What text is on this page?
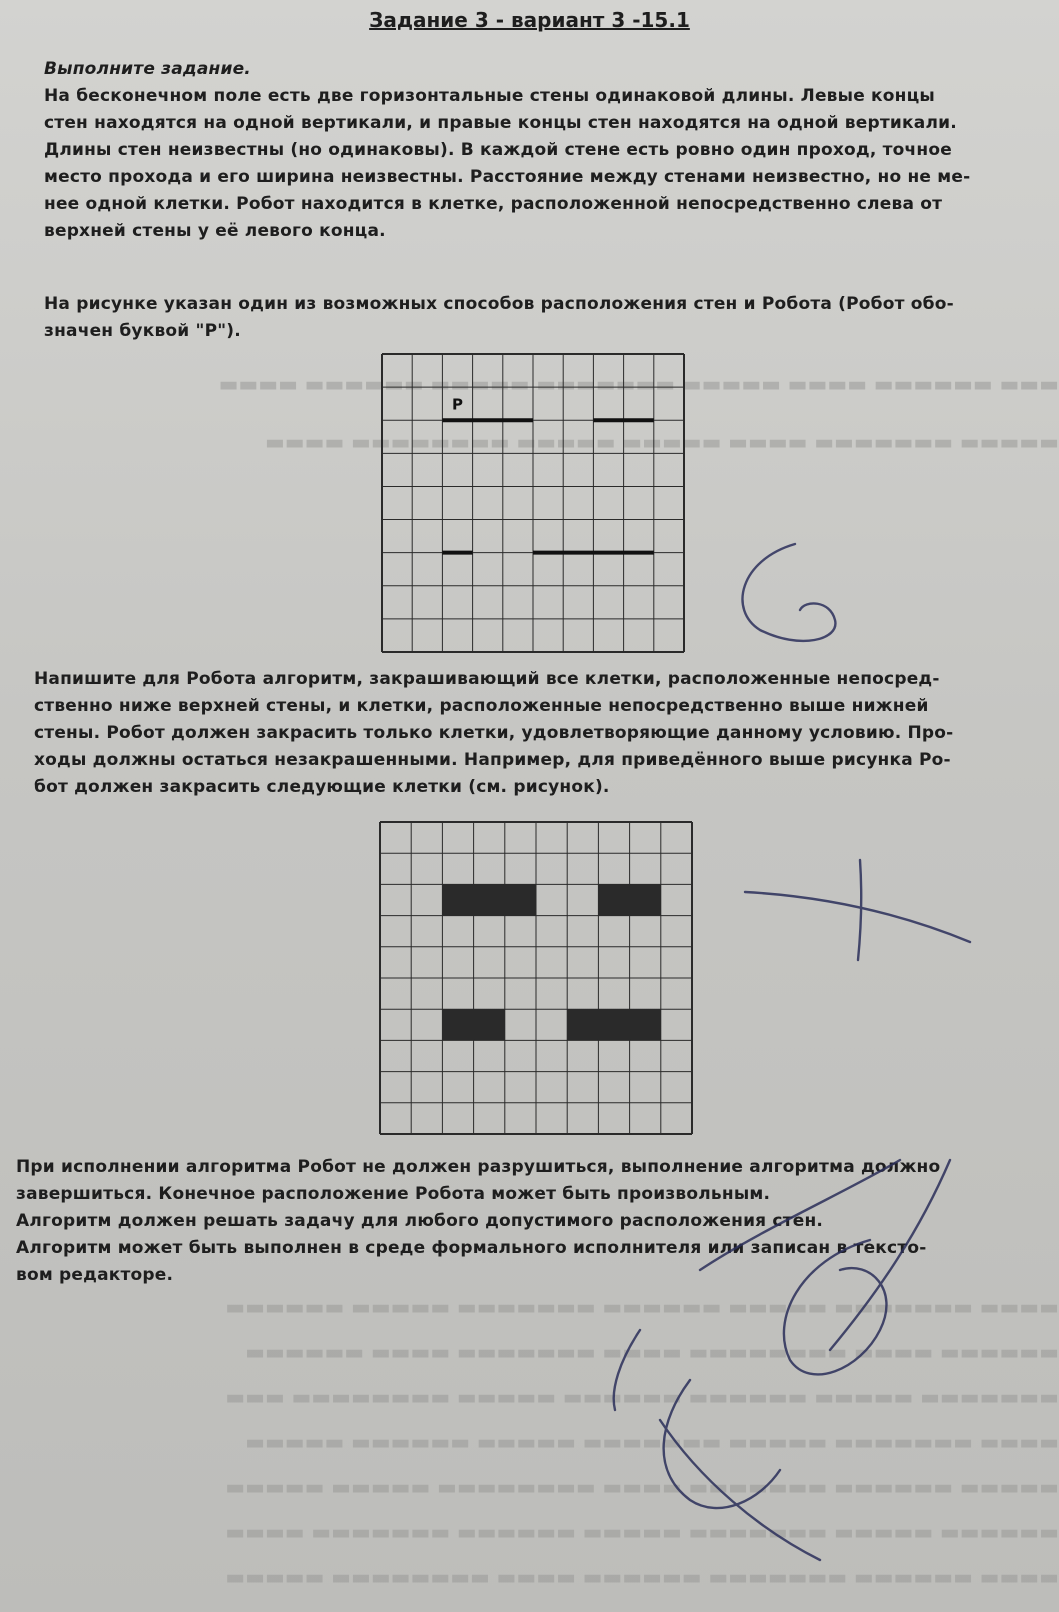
▬▬▬ ▬▬▬▬▬▬ ▬▬▬▬ ▬▬▬▬▬ ▬▬▬▬▬▬▬ ▬▬▬▬▬ ▬▬▬▬▬▬ ▬▬▬▬
▬▬▬▬▬ ▬▬▬▬▬▬▬ ▬▬▬▬ ▬▬▬▬▬ ▬▬▬▬▬ ▬▬▬▬▬▬▬▬ ▬▬▬▬
▬▬▬▬ ▬▬▬▬▬▬▬ ▬▬▬▬▬ ▬▬▬▬▬▬ ▬▬▬▬▬▬▬ ▬▬▬▬▬ ▬▬▬▬▬▬
▬▬▬▬▬▬ ▬▬▬▬ ▬▬▬▬▬▬▬▬ ▬▬▬▬ ▬▬▬▬▬▬▬ ▬▬▬▬ ▬▬▬▬▬▬
▬▬▬▬▬▬▬ ▬▬▬▬▬ ▬▬▬▬▬▬ ▬▬▬▬▬▬ ▬▬▬▬▬ ▬▬▬▬▬▬▬▬ ▬▬▬
▬▬▬▬ ▬▬▬▬▬▬▬ ▬▬▬▬▬ ▬▬▬▬▬▬▬ ▬▬▬▬▬ ▬▬▬▬▬▬ ▬▬▬▬▬
▬▬▬▬▬ ▬▬▬▬▬▬ ▬▬▬▬▬▬▬ ▬▬▬▬ ▬▬▬▬▬▬▬▬ ▬▬▬▬▬ ▬▬▬▬▬
▬▬▬▬▬▬ ▬▬▬▬▬ ▬▬▬▬▬▬▬ ▬▬▬▬▬ ▬▬▬▬▬▬ ▬▬▬▬▬▬▬ ▬▬▬▬
▬▬▬▬ ▬▬▬▬▬▬ ▬▬▬▬▬▬▬ ▬▬▬▬▬▬ ▬▬▬▬ ▬▬▬▬▬▬▬▬ ▬▬▬▬▬
Задание 3 - вариант 3 -15.1
Выполните задание.
На бесконечном поле есть две горизонтальные стены одинаковой длины. Левые концы
стен находятся на одной вертикали, и правые концы стен находятся на одной вертикали.
Длины стен неизвестны (но одинаковы). В каждой стене есть ровно один проход, точное
место прохода и его ширина неизвестны. Расстояние между стенами неизвестно, но не ме-
нее одной клетки. Робот находится в клетке, расположенной непосредственно слева от
верхней стены у её левого конца.
На рисунке указан один из возможных способов расположения стен и Робота (Робот обо-
значен буквой "Р").
Р
Напишите для Робота алгоритм, закрашивающий все клетки, расположенные непосред-
ственно ниже верхней стены, и клетки, расположенные непосредственно выше нижней
стены. Робот должен закрасить только клетки, удовлетворяющие данному условию. Про-
ходы должны остаться незакрашенными. Например, для приведённого выше рисунка Ро-
бот должен закрасить следующие клетки (см. рисунок).
При исполнении алгоритма Робот не должен разрушиться, выполнение алгоритма должно
завершиться. Конечное расположение Робота может быть произвольным.
Алгоритм должен решать задачу для любого допустимого расположения стен.
Алгоритм может быть выполнен в среде формального исполнителя или записан в тексто-
вом редакторе.
